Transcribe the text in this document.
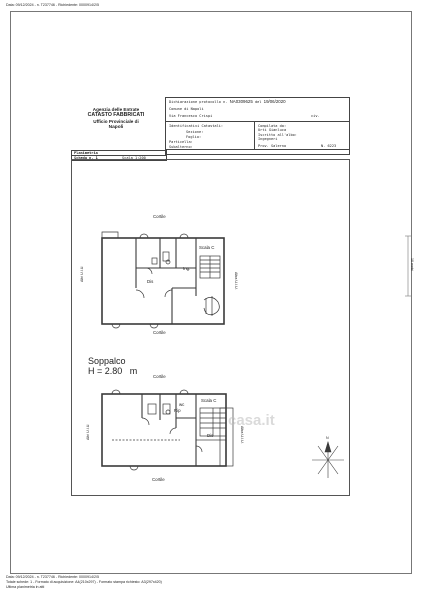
Data: 09/12/2024 - n. T237746 - Richiedente: 0000914/2/5
Agenzia delle Entrate
CATASTO FABBRICATI
Ufficio Provinciale di
Napoli
Dichiarazione protocollo n. NA0309625 del 19/06/2020
Comune di Napoli
Via Francesco Crispi	civ.
Identificativi Catastali:
Sezione:
Foglio:
Particella:
Subalterno:
Compilata da:
Urti Gianluca
Iscritto all'albo:
Ingegneri
Prov. Salerno	N. 6223
Planimetria
Scheda n. 1	Scala 1:200
Cortile
Scala C
Ing.
Dis
Cortile
Altri U.I.U.	Altra U.I.U.
Soppalco
H = 2.80   m
Cortile
Scala C
wc
Rip
Dis
Cortile
Altri U.I.U.	Altra U.I.U.	N
10 metri
casa.it
Data: 09/12/2024 - n. T237746 - Richiedente: 0000914/2/5
Totale schede: 1 - Formato di acquisizione: A4(210x297) - Formato stampa richiesto: A3(297x420)
Ultima planimetria in atti
